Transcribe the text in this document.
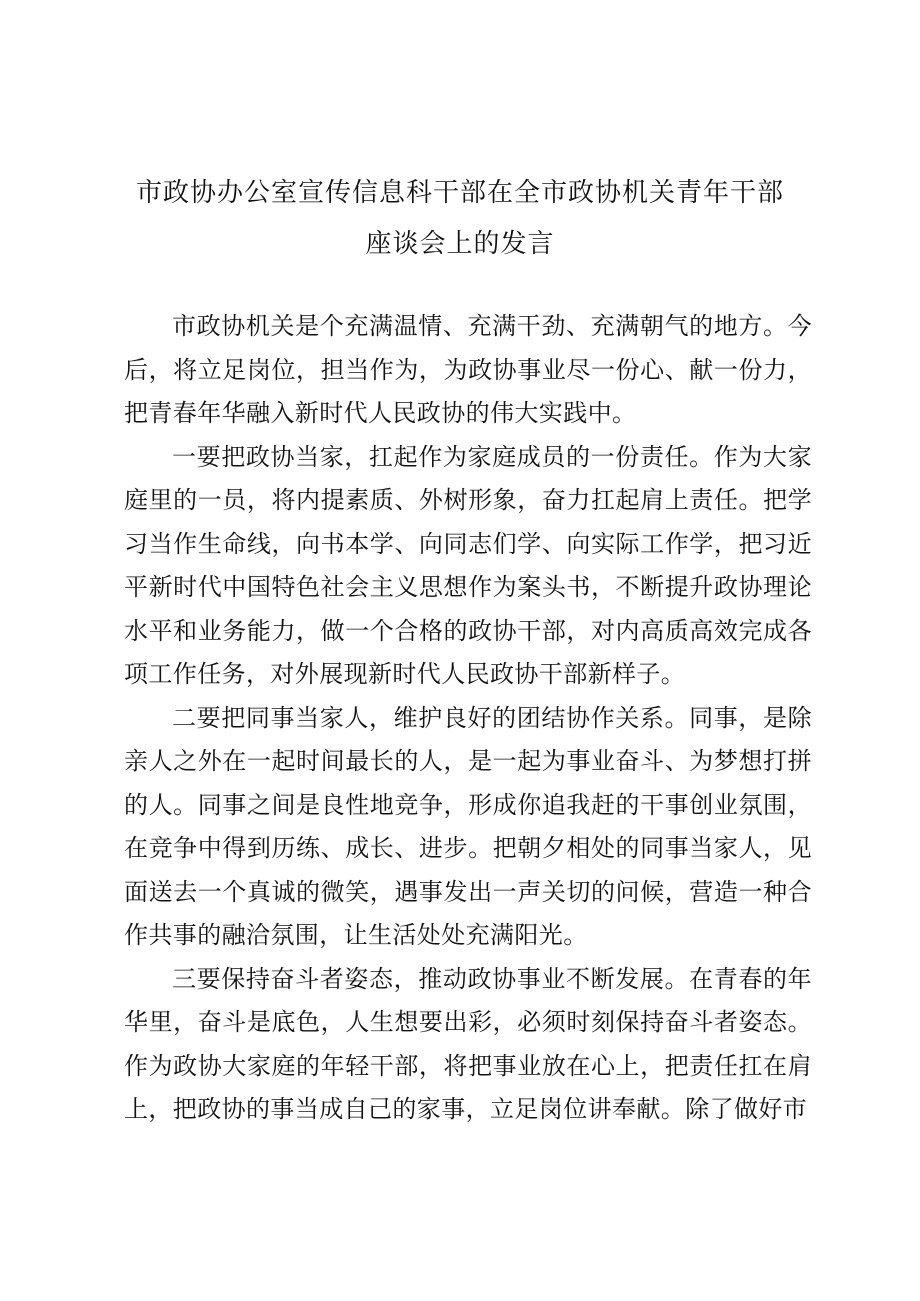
市政协办公室宣传信息科干部在全市政协机关青年干部
座谈会上的发言

市政协机关是个充满温情、充满干劲、充满朝气的地方。今后，将立足岗位，担当作为，为政协事业尽一份心、献一份力，把青春年华融入新时代人民政协的伟大实践中。

一要把政协当家，扛起作为家庭成员的一份责任。作为大家庭里的一员，将内提素质、外树形象，奋力扛起肩上责任。把学习当作生命线，向书本学、向同志们学、向实际工作学，把习近平新时代中国特色社会主义思想作为案头书，不断提升政协理论水平和业务能力，做一个合格的政协干部，对内高质高效完成各项工作任务，对外展现新时代人民政协干部新样子。

二要把同事当家人，维护良好的团结协作关系。同事，是除亲人之外在一起时间最长的人，是一起为事业奋斗、为梦想打拼的人。同事之间是良性地竞争，形成你追我赶的干事创业氛围，在竞争中得到历练、成长、进步。把朝夕相处的同事当家人，见面送去一个真诚的微笑，遇事发出一声关切的问候，营造一种合作共事的融洽氛围，让生活处处充满阳光。

三要保持奋斗者姿态，推动政协事业不断发展。在青春的年华里，奋斗是底色，人生想要出彩，必须时刻保持奋斗者姿态。作为政协大家庭的年轻干部，将把事业放在心上，把责任扛在肩上，把政协的事当成自己的家事，立足岗位讲奉献。除了做好市
